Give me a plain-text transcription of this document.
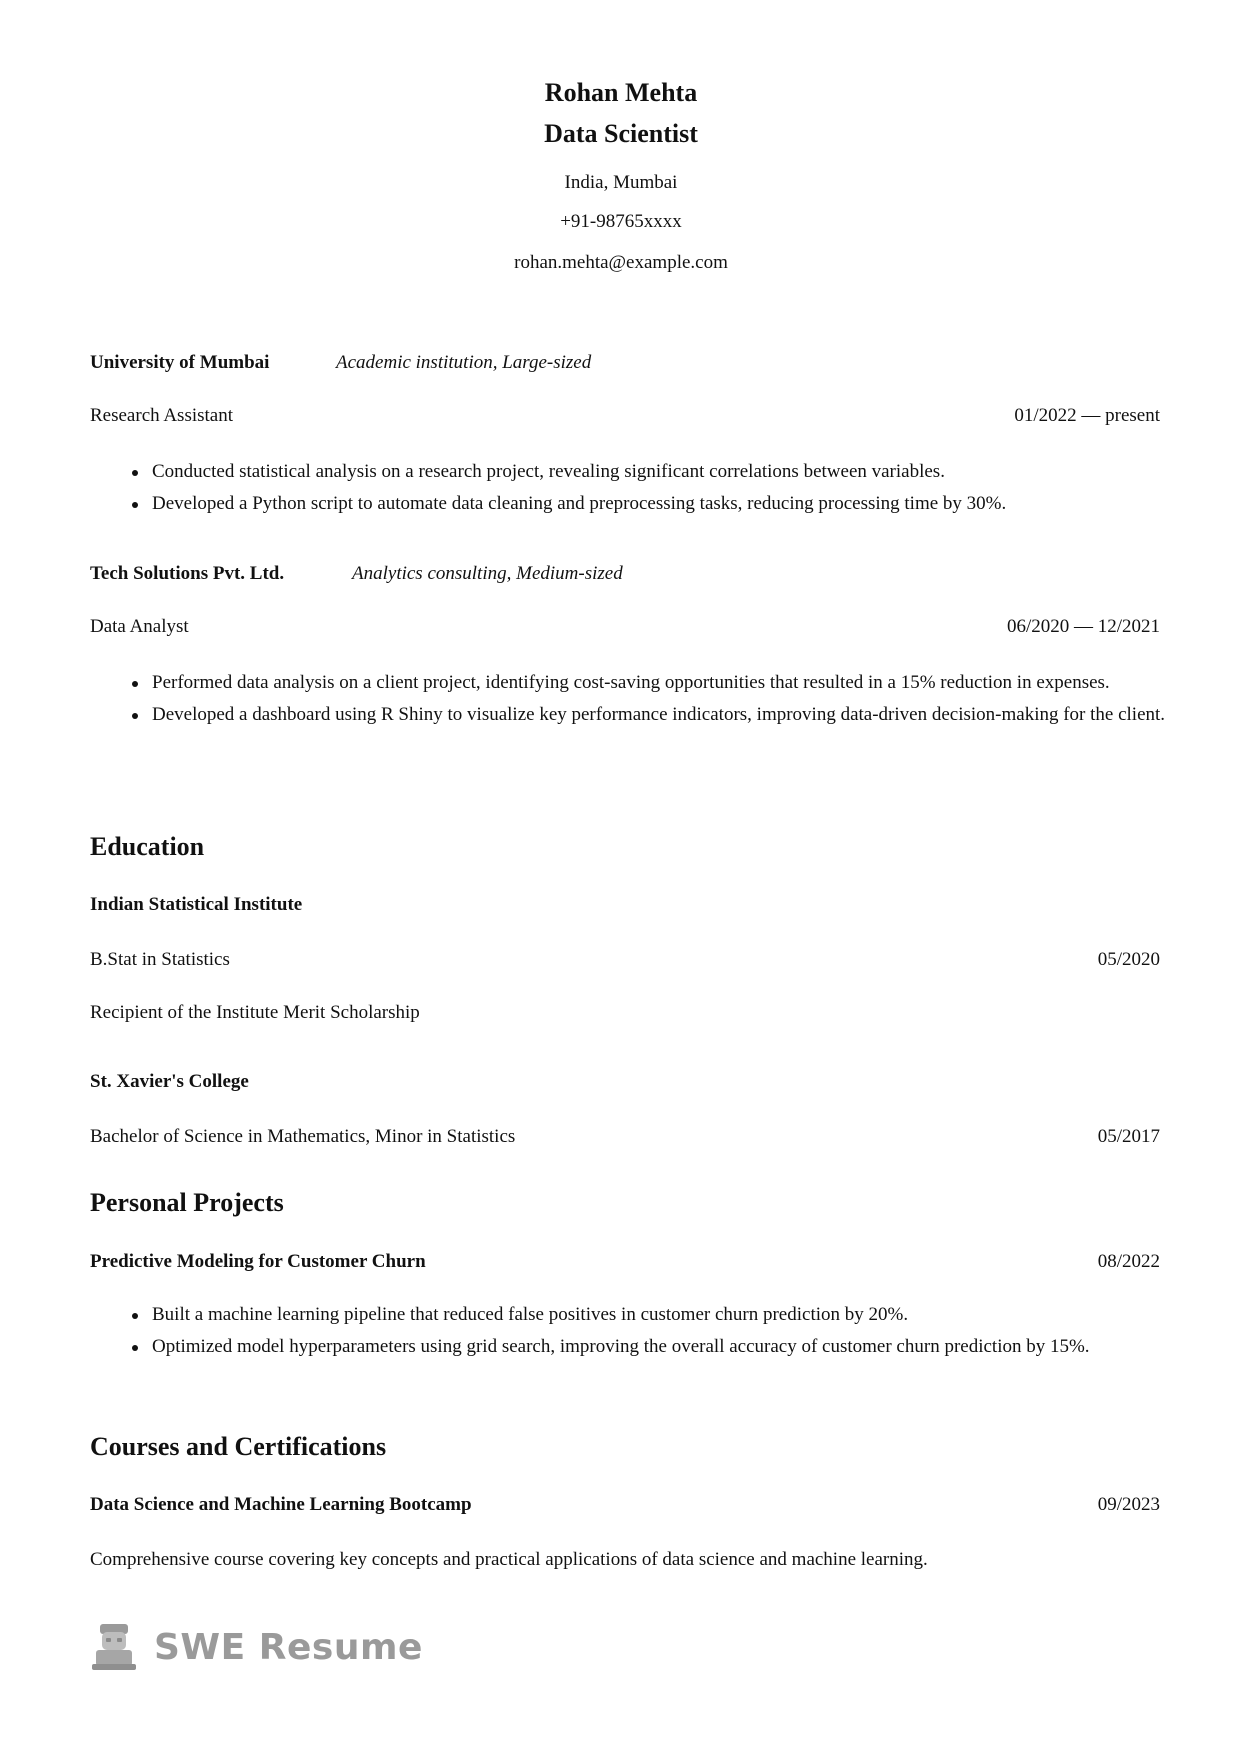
Rohan Mehta
Data Scientist
India, Mumbai
+91-98765xxxx
rohan.mehta@example.com
University of Mumbai	Academic institution, Large-sized
Research Assistant	01/2022 — present
Conducted statistical analysis on a research project, revealing significant correlations between variables.
Developed a Python script to automate data cleaning and preprocessing tasks, reducing processing time by 30%.
Tech Solutions Pvt. Ltd.	Analytics consulting, Medium-sized
Data Analyst	06/2020 — 12/2021
Performed data analysis on a client project, identifying cost-saving opportunities that resulted in a 15% reduction in expenses.
Developed a dashboard using R Shiny to visualize key performance indicators, improving data-driven decision-making for the client.
Education
Indian Statistical Institute
B.Stat in Statistics	05/2020
Recipient of the Institute Merit Scholarship
St. Xavier's College
Bachelor of Science in Mathematics, Minor in Statistics	05/2017
Personal Projects
Predictive Modeling for Customer Churn	08/2022
Built a machine learning pipeline that reduced false positives in customer churn prediction by 20%.
Optimized model hyperparameters using grid search, improving the overall accuracy of customer churn prediction by 15%.
Courses and Certifications
Data Science and Machine Learning Bootcamp	09/2023
Comprehensive course covering key concepts and practical applications of data science and machine learning.
SWE Resume
